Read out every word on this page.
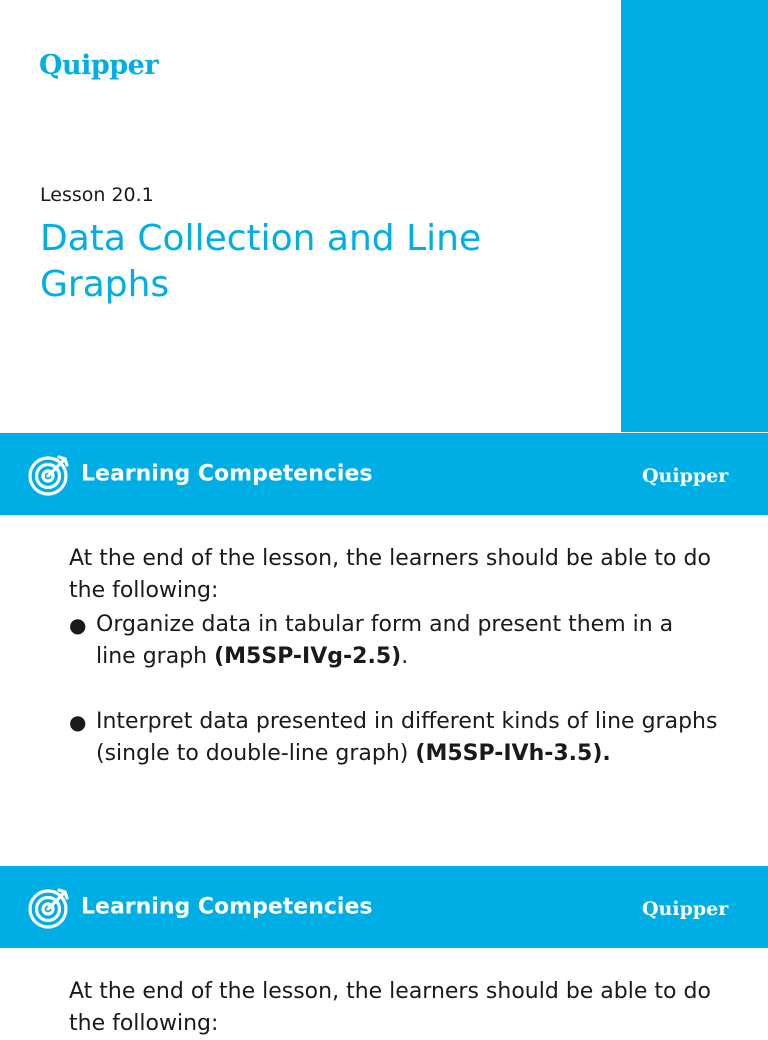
Quipper
Lesson 20.1
Data Collection and Line Graphs
Learning Competencies	Quipper

At the end of the lesson, the learners should be able to do the following:

● Organize data in tabular form and present them in a line graph (M5SP-IVg-2.5).
● Interpret data presented in different kinds of line graphs (single to double-line graph) (M5SP-IVh-3.5).
Learning Competencies	Quipper

At the end of the lesson, the learners should be able to do the following:
